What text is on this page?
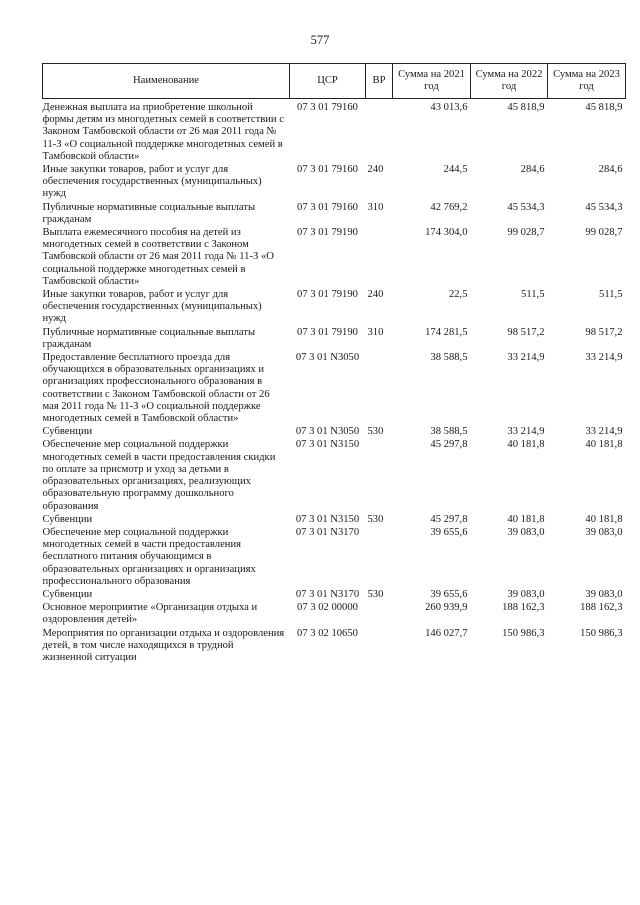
577
Наименование	ЦСР	ВР	Сумма на 2021 год	Сумма на 2022 год	Сумма на 2023 год
Денежная выплата на приобретение школьной формы детям из многодетных семей в соответствии с Законом Тамбовской области от 26 мая 2011 года № 11-З «О социальной поддержке многодетных семей в Тамбовской области»	07 3 01 79160		43 013,6	45 818,9	45 818,9
Иные закупки товаров, работ и услуг для обеспечения государственных (муниципальных) нужд	07 3 01 79160	240	244,5	284,6	284,6
Публичные нормативные социальные выплаты гражданам	07 3 01 79160	310	42 769,2	45 534,3	45 534,3
Выплата ежемесячного пособия на детей из многодетных семей в соответствии с Законом Тамбовской области от 26 мая 2011 года № 11-З «О социальной поддержке многодетных семей в Тамбовской области»	07 3 01 79190		174 304,0	99 028,7	99 028,7
Иные закупки товаров, работ и услуг для обеспечения государственных (муниципальных) нужд	07 3 01 79190	240	22,5	511,5	511,5
Публичные нормативные социальные выплаты гражданам	07 3 01 79190	310	174 281,5	98 517,2	98 517,2
Предоставление бесплатного проезда для обучающихся в образовательных организациях и организациях профессионального образования в соответствии с Законом Тамбовской области от 26 мая 2011 года № 11-З «О социальной поддержке многодетных семей в Тамбовской области»	07 3 01 N3050		38 588,5	33 214,9	33 214,9
Субвенции	07 3 01 N3050	530	38 588,5	33 214,9	33 214,9
Обеспечение мер социальной поддержки многодетных семей в части предоставления скидки по оплате за присмотр и уход за детьми в образовательных организациях, реализующих образовательную программу дошкольного образования	07 3 01 N3150		45 297,8	40 181,8	40 181,8
Субвенции	07 3 01 N3150	530	45 297,8	40 181,8	40 181,8
Обеспечение мер социальной поддержки многодетных семей в части предоставления бесплатного питания обучающимся в образовательных организациях и организациях профессионального образования	07 3 01 N3170		39 655,6	39 083,0	39 083,0
Субвенции	07 3 01 N3170	530	39 655,6	39 083,0	39 083,0
Основное мероприятие «Организация отдыха и оздоровления детей»	07 3 02 00000		260 939,9	188 162,3	188 162,3
Мероприятия по организации отдыха и оздоровления детей, в том числе находящихся в трудной жизненной ситуации	07 3 02 10650		146 027,7	150 986,3	150 986,3
